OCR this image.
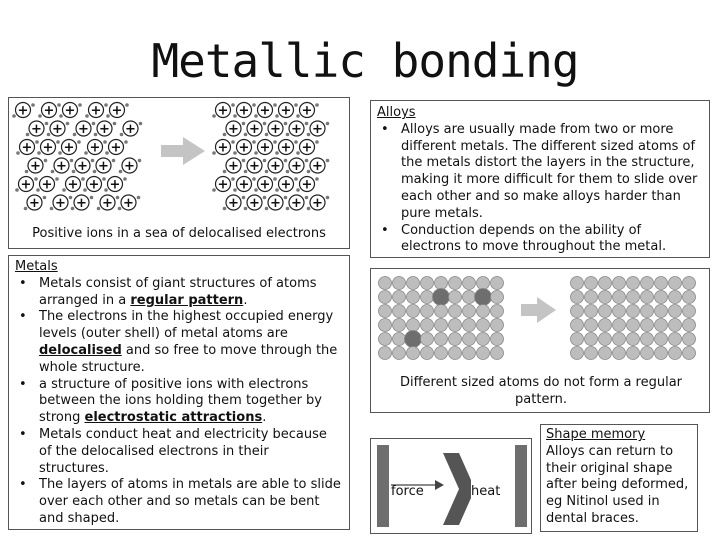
Metallic bonding
+ + + + +
+ + + + +
+ + + + +
+ + + + +
+ + + + +
+ + + + +
+ + + + +
+ + + + +
+ + + + +
+ + + + +
+ + + + +
+ + + + +
Positive ions in a sea of delocalised electrons
Alloys
• Alloys are usually made from two or more different metals. The different sized atoms of the metals distort the layers in the structure, making it more difficult for them to slide over each other and so make alloys harder than pure metals.
• Conduction depends on the ability of electrons to move throughout the metal.
Metals
• Metals consist of giant structures of atoms arranged in a regular pattern.
• The electrons in the highest occupied energy levels (outer shell) of metal atoms are delocalised and so free to move through the whole structure.
• a structure of positive ions with electrons between the ions holding them together by strong electrostatic attractions.
• Metals conduct heat and electricity because of the delocalised electrons in their structures.
• The layers of atoms in metals are able to slide over each other and so metals can be bent and shaped.
Different sized atoms do not form a regular pattern.
force	heat
Shape memory
Alloys can return to their original shape after being deformed, eg Nitinol used in dental braces.
